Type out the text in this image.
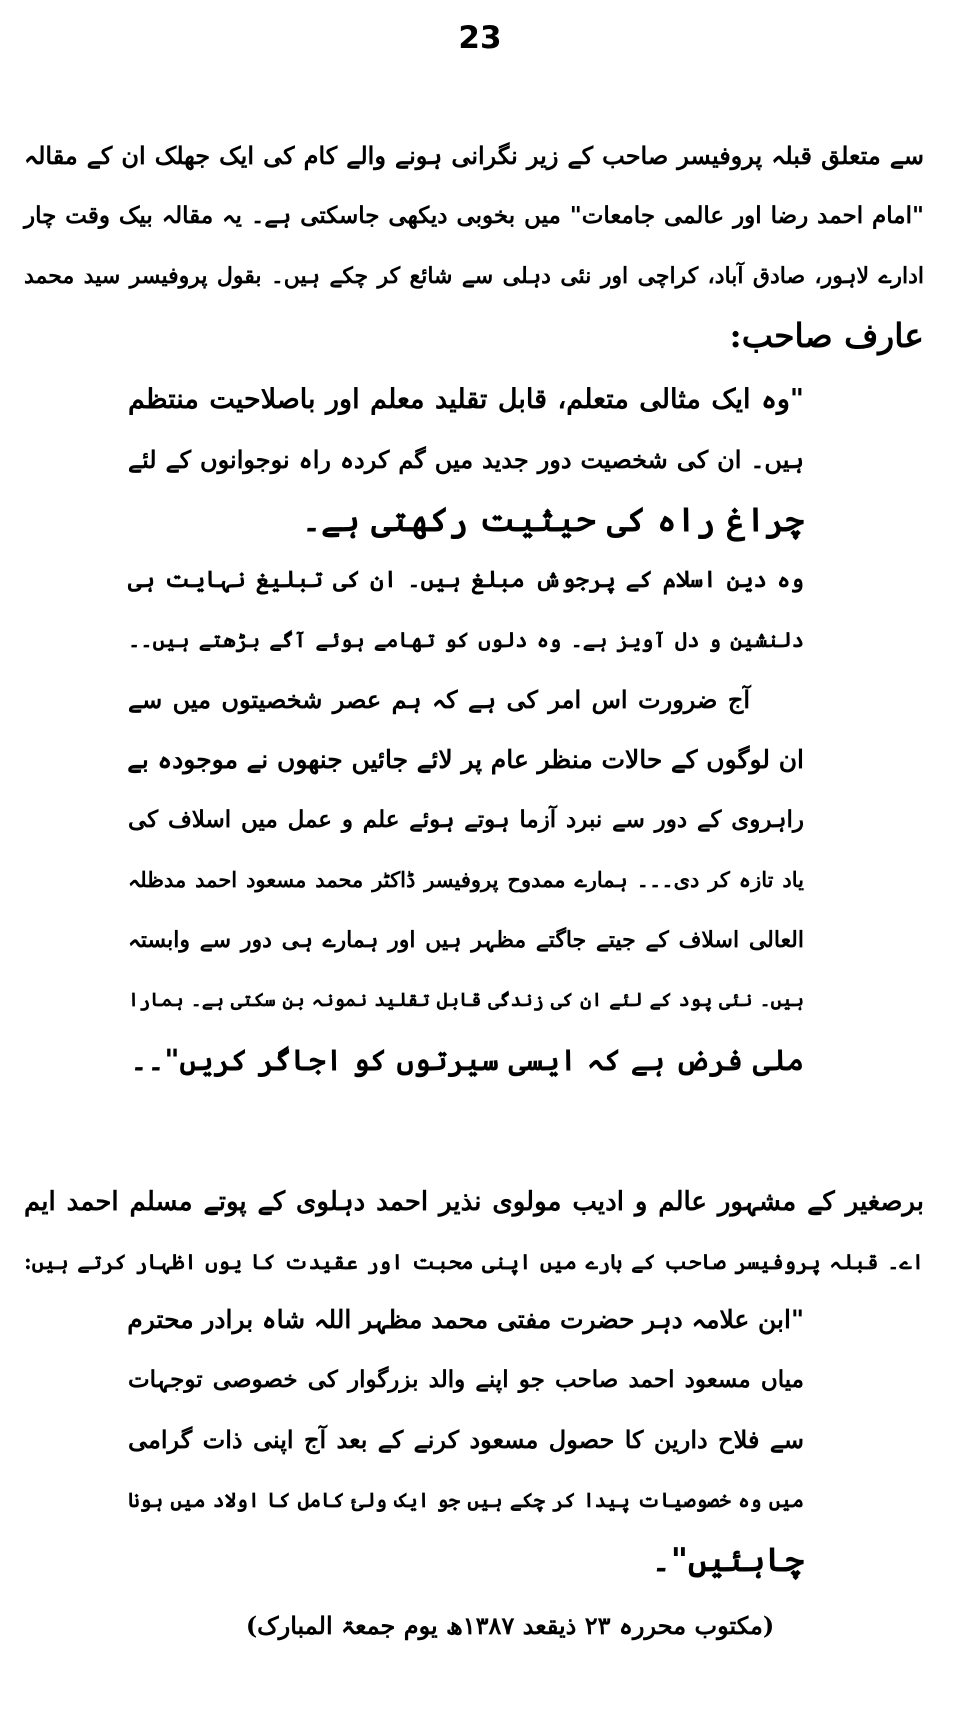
23
سے متعلق قبلہ پروفیسر صاحب کے زیر نگرانی ہونے والے کام کی ایک جھلک ان کے مقالہ
"امام احمد رضا اور عالمی جامعات" میں بخوبی دیکھی جاسکتی ہے۔ یہ مقالہ بیک وقت چار
ادارے لاہور، صادق آباد، کراچی اور نئی دہلی سے شائع کر چکے ہیں۔ بقول پروفیسر سید محمد
عارف صاحب:
"وہ ایک مثالی متعلم، قابل تقلید معلم اور باصلاحیت منتظم
ہیں۔ ان کی شخصیت دور جدید میں گم کردہ راہ نوجوانوں کے لئے
چراغ راہ کی حیثیت رکھتی ہے۔
وہ دین اسلام کے پرجوش مبلغ ہیں۔ ان کی تبلیغ نہایت ہی
دلنشین و دل آویز ہے۔ وہ دلوں کو تھامے ہوئے آگے بڑھتے ہیں۔۔
آج ضرورت اس امر کی ہے کہ ہم عصر شخصیتوں میں سے
ان لوگوں کے حالات منظر عام پر لائے جائیں جنھوں نے موجودہ بے
راہروی کے دور سے نبرد آزما ہوتے ہوئے علم و عمل میں اسلاف کی
یاد تازہ کر دی۔۔۔ ہمارے ممدوح پروفیسر ڈاکٹر محمد مسعود احمد مدظلہ
العالی اسلاف کے جیتے جاگتے مظہر ہیں اور ہمارے ہی دور سے وابستہ
ہیں۔ نئی پود کے لئے ان کی زندگی قابل تقلید نمونہ بن سکتی ہے۔ ہمارا
ملی فرض ہے کہ ایسی سیرتوں کو اجاگر کریں"۔۔
برصغیر کے مشہور عالم و ادیب مولوی نذیر احمد دہلوی کے پوتے مسلم احمد ایم
اے۔ قبلہ پروفیسر صاحب کے بارے میں اپنی محبت اور عقیدت کا یوں اظہار کرتے ہیں:
"ابن علامہ دہر حضرت مفتی محمد مظہر اللہ شاہ برادر محترم
میاں مسعود احمد صاحب جو اپنے والد بزرگوار کی خصوصی توجہات
سے فلاح دارین کا حصول مسعود کرنے کے بعد آج اپنی ذات گرامی
میں وہ خصوصیات پیدا کر چکے ہیں جو ایک ولئ کامل کا اولاد میں ہونا
چاہئیں"۔
(مکتوب محررہ ۲۳ ذیقعد ۱۳۸۷ھ یوم جمعۃ المبارک)
